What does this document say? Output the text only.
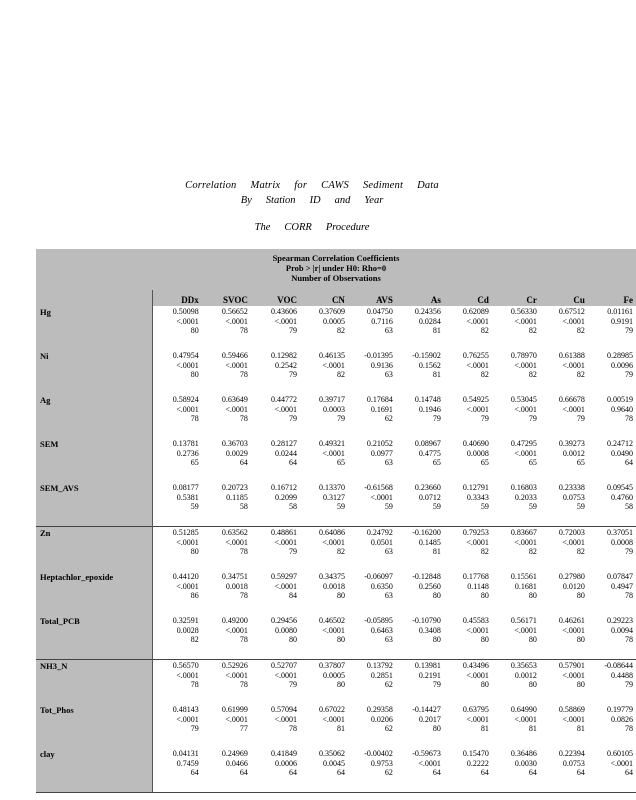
Correlation Matrix for CAWS Sediment Data
By Station ID and Year
The CORR Procedure
Spearman Correlation Coefficients
Prob > |r| under H0: Rho=0
Number of Observations										

	DDx	SVOC	VOC	CN	AVS	As	Cd	Cr	Cu	Fe
Hg	0.50098
<.0001
80	0.56652
<.0001
78	0.43606
<.0001
79	0.37609
0.0005
82	0.04750
0.7116
63	0.24356
0.0284
81	0.62089
<.0001
82	0.56330
<.0001
82	0.67512
<.0001
82	0.01161
0.9191
79

Ni	0.47954
<.0001
80	0.59466
<.0001
78	0.12982
0.2542
79	0.46135
<.0001
82	-0.01395
0.9136
63	-0.15902
0.1562
81	0.76255
<.0001
82	0.78970
<.0001
82	0.61388
<.0001
82	0.28985
0.0096
79

Ag	0.58924
<.0001
78	0.63649
<.0001
78	0.44772
<.0001
79	0.39717
0.0003
79	0.17684
0.1691
62	0.14748
0.1946
79	0.54925
<.0001
79	0.53045
<.0001
79	0.66678
<.0001
79	0.00519
0.9640
78

SEM	0.13781
0.2736
65	0.36703
0.0029
64	0.28127
0.0244
64	0.49321
<.0001
65	0.21052
0.0977
63	0.08967
0.4775
65	0.40690
0.0008
65	0.47295
<.0001
65	0.39273
0.0012
65	0.24712
0.0490
64

SEM_AVS	0.08177
0.5381
59	0.20723
0.1185
58	0.16712
0.2099
58	0.13370
0.3127
59	-0.61568
<.0001
59	0.23660
0.0712
59	0.12791
0.3343
59	0.16803
0.2033
59	0.23338
0.0753
59	0.09545
0.4760
58

Zn	0.51285
<.0001
80	0.63562
<.0001
78	0.48861
<.0001
79	0.64086
<.0001
82	0.24792
0.0501
63	-0.16200
0.1485
81	0.79253
<.0001
82	0.83667
<.0001
82	0.72003
<.0001
82	0.37051
0.0008
79

Heptachlor_epoxide	0.44120
<.0001
86	0.34751
0.0018
78	0.59297
<.0001
84	0.34375
0.0018
80	-0.06097
0.6350
63	-0.12848
0.2560
80	0.17768
0.1148
80	0.15561
0.1681
80	0.27980
0.0120
80	0.07847
0.4947
78

Total_PCB	0.32591
0.0028
82	0.49200
<.0001
78	0.29456
0.0080
80	0.46502
<.0001
80	-0.05895
0.6463
63	-0.10790
0.3408
80	0.45583
<.0001
80	0.56171
<.0001
80	0.46261
<.0001
80	0.29223
0.0094
78

NH3_N	0.56570
<.0001
78	0.52926
<.0001
78	0.52707
<.0001
79	0.37807
0.0005
80	0.13792
0.2851
62	0.13981
0.2191
79	0.43496
<.0001
80	0.35653
0.0012
80	0.57901
<.0001
80	-0.08644
0.4488
79

Tot_Phos	0.48143
<.0001
79	0.61999
<.0001
77	0.57094
<.0001
78	0.67022
<.0001
81	0.29358
0.0206
62	-0.14427
0.2017
80	0.63795
<.0001
81	0.64990
<.0001
81	0.58869
<.0001
81	0.19779
0.0826
78

clay	0.04131
0.7459
64	0.24969
0.0466
64	0.41849
0.0006
64	0.35062
0.0045
64	-0.00402
0.9753
62	-0.59673
<.0001
64	0.15470
0.2222
64	0.36486
0.0030
64	0.22394
0.0753
64	0.60105
<.0001
64
